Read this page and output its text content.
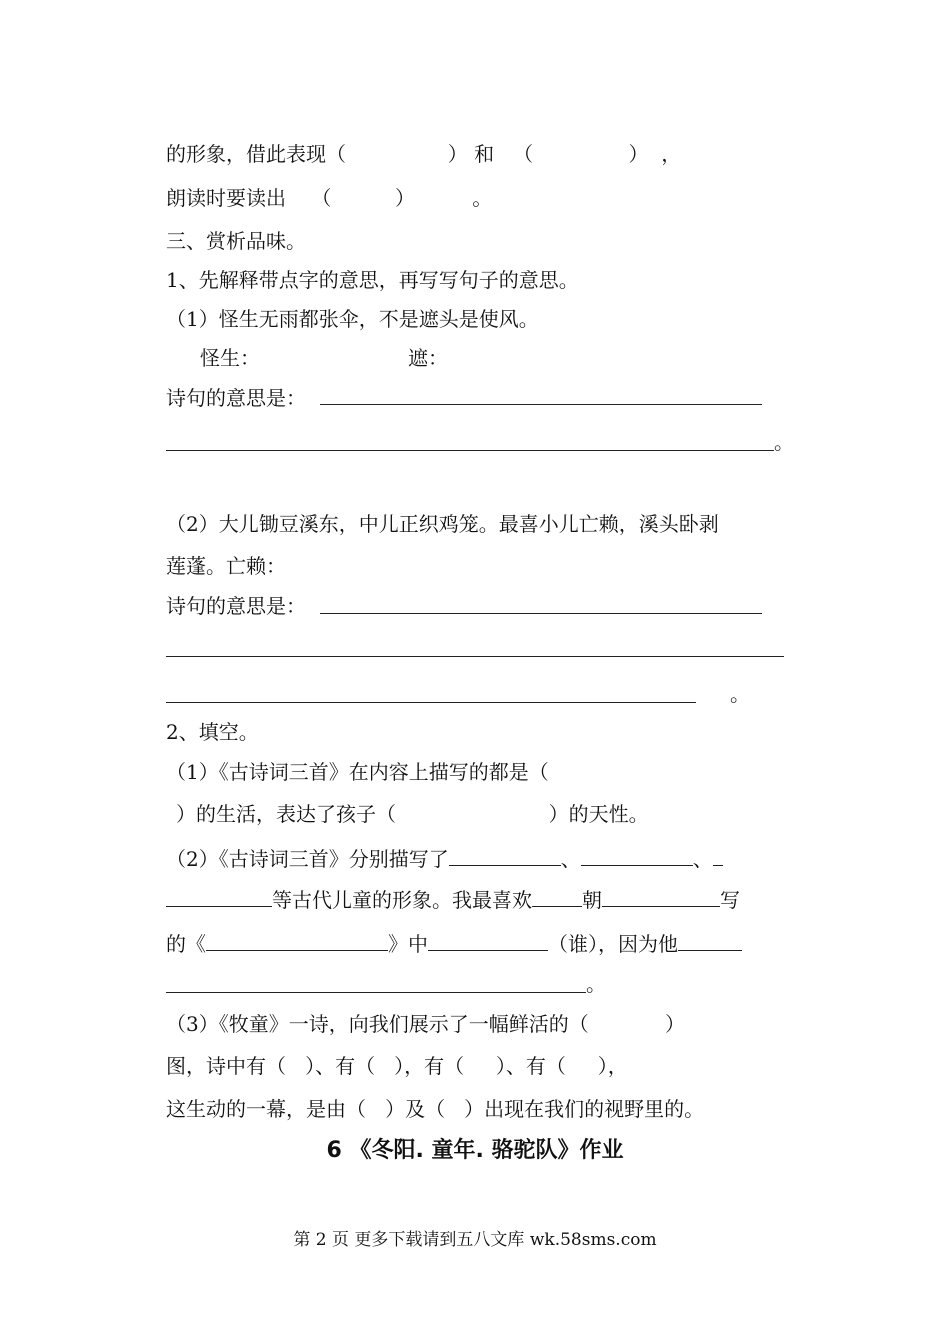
的形象，借此表现（                ） 和   （               ）  ，
朗读时要读出    （          ）         。
三、赏析品味。
1、先解释带点字的意思，再写写句子的意思。
（1）怪生无雨都张伞，不是遮头是使风。
怪生：	遮：
诗句的意思是：
。
（2）大儿锄豆溪东，中儿正织鸡笼。最喜小儿亡赖，溪头卧剥
莲蓬。亡赖：
诗句的意思是：
。
2、填空。
（1）《古诗词三首》在内容上描写的都是（
）的生活，表达了孩子（                        ）的天性。
（2）《古诗词三首》分别描写了	、	、
等古代儿童的形象。我最喜欢	朝	写
的《	》中	（谁），因为他
。
（3）《牧童》一诗，向我们展示了一幅鲜活的（            ）
图，诗中有（   ）、有（   ），有（     ）、有（     ），
这生动的一幕，是由（   ）及（   ）出现在我们的视野里的。
6 《冬阳. 童年. 骆驼队》作业
第 2 页 更多下载请到五八文库 wk.58sms.com
